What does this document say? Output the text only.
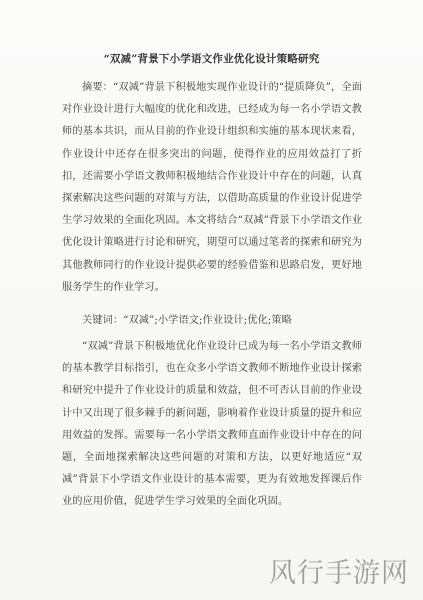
“双减”背景下小学语文作业优化设计策略研究
摘要：“双减”背景下积极地实现作业设计的“提质降负”，全面对作业设计进行大幅度的优化和改进，已经成为每一名小学语文教师的基本共识，而从目前的作业设计组织和实施的基本现状来看，作业设计中还存在很多突出的问题，使得作业的应用效益打了折扣，还需要小学语文教师积极地结合作业设计中存在的问题，认真探索解决这些问题的对策与方法，以借助高质量的作业设计促进学生学习效果的全面化巩固。本文将结合“双减”背景下小学语文作业优化设计策略进行讨论和研究，期望可以通过笔者的探索和研究为其他教师同行的作业设计提供必要的经验借鉴和思路启发，更好地服务学生的作业学习。
关键词：“双减”;小学语文;作业设计;优化;策略
“双减”背景下积极地优化作业设计已成为每一名小学语文教师的基本教学目标指引，也在众多小学语文教师不断地作业设计探索和研究中提升了作业设计的质量和效益，但不可否认目前的作业设计中又出现了很多棘手的新问题，影响着作业设计质量的提升和应用效益的发挥。需要每一名小学语文教师直面作业设计中存在的问题，全面地探索解决这些问题的对策和方法，以更好地适应“双减”背景下小学语文作业设计的基本需要，更为有效地发挥课后作业的应用价值，促进学生学习效果的全面化巩固。
风行手游网
